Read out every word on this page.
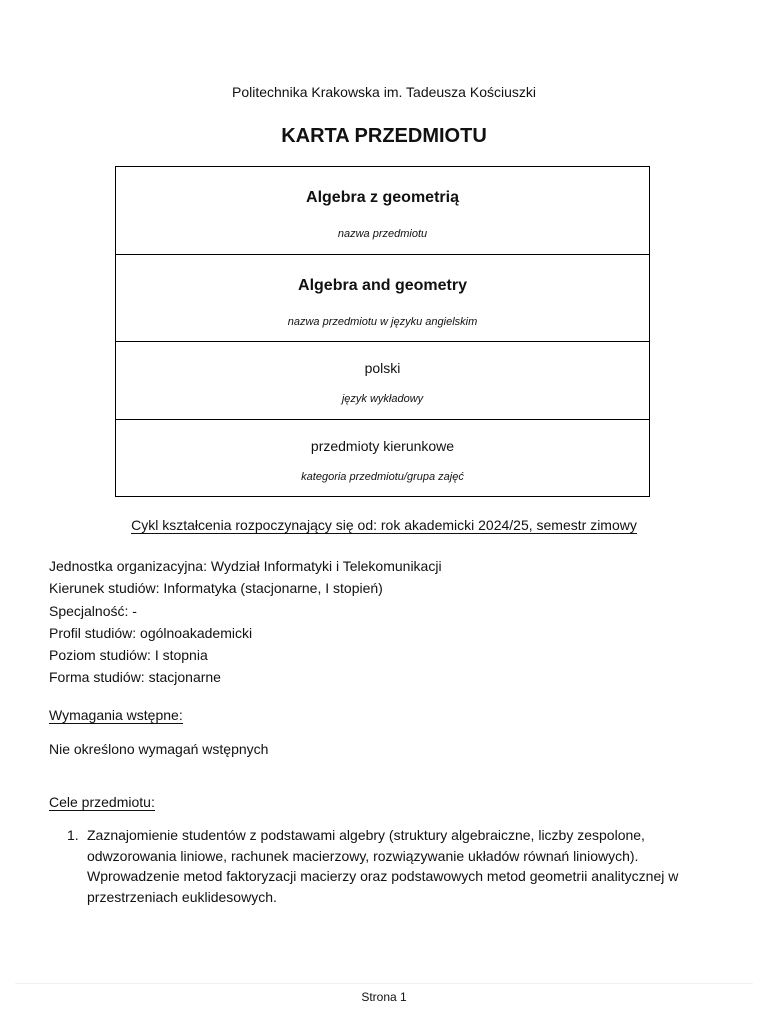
Politechnika Krakowska im. Tadeusza Kościuszki
KARTA PRZEDMIOTU
Algebra z geometrią
nazwa przedmiotu
Algebra and geometry
nazwa przedmiotu w języku angielskim
polski
język wykładowy
przedmioty kierunkowe
kategoria przedmiotu/grupa zajęć
Cykl kształcenia rozpoczynający się od: rok akademicki 2024/25, semestr zimowy
Jednostka organizacyjna: Wydział Informatyki i Telekomunikacji
Kierunek studiów: Informatyka (stacjonarne, I stopień)
Specjalność: -
Profil studiów: ogólnoakademicki
Poziom studiów: I stopnia
Forma studiów: stacjonarne
Wymagania wstępne:
Nie określono wymagań wstępnych
Cele przedmiotu:
1. Zaznajomienie studentów z podstawami algebry (struktury algebraiczne, liczby zespolone, odwzorowania liniowe, rachunek macierzowy, rozwiązywanie układów równań liniowych). Wprowadzenie metod faktoryzacji macierzy oraz podstawowych metod geometrii analitycznej w przestrzeniach euklidesowych.
Strona 1
